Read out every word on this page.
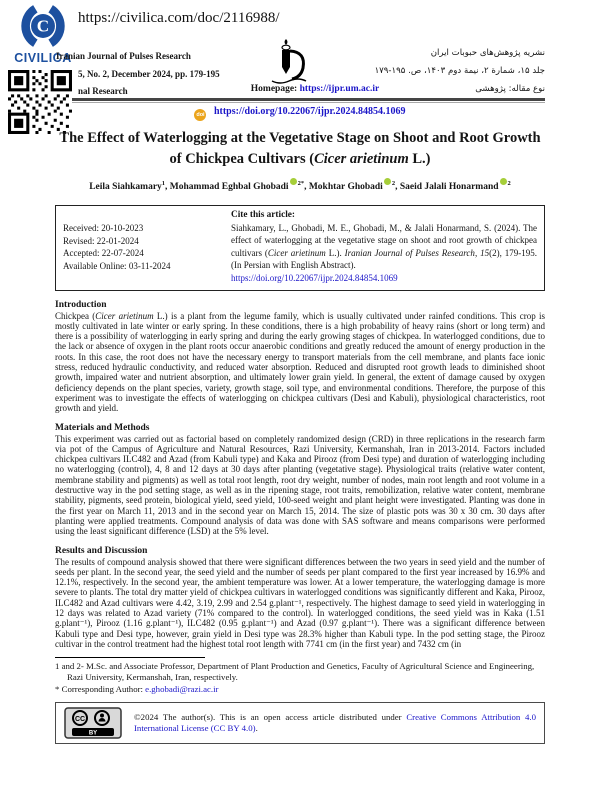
C
CIVILICA
https://civilica.com/doc/2116988/
Iranian Journal of Pulses Research
5, No. 2, December 2024, pp. 179-195
nal Research	Homepage: https://ijpr.um.ac.ir
نشریه پژوهش‌های حبوبات ایران
جلد ۱۵، شمارة ۲، نیمة دوم ۱۴۰۳، ص. ۱۹۵-۱۷۹
نوع مقاله: پژوهشی
doi https://doi.org/10.22067/ijpr.2024.84854.1069
The Effect of Waterlogging at the Vegetative Stage on Shoot and Root Growth of Chickpea Cultivars (Cicer arietinum L.)
Leila Siahkamary$^1$, Mohammad Eghbal Ghobadi $^{2*}$, Mokhtar Ghobadi $^2$, Saeid Jalali Honarmand $^2$
Received: 20-10-2023
Revised: 22-01-2024
Accepted: 22-07-2024
Available Online: 03-11-2024
Cite this article:

Siahkamary, L., Ghobadi, M. E., Ghobadi, M., & Jalali Honarmand, S. (2024). The effect of waterlogging at the vegetative stage on shoot and root growth of chickpea cultivars (Cicer arietinum L.). Iranian Journal of Pulses Research, 15(2), 179-195. (In Persian with English Abstract).

https://doi.org/10.22067/ijpr.2024.84854.1069
Introduction

Chickpea (Cicer arietinum L.) is a plant from the legume family, which is usually cultivated under rainfed conditions. This crop is mostly cultivated in late winter or early spring. In these conditions, there is a high probability of heavy rains (short or long term) and there is a possibility of waterlogging in early spring and during the early growing stages of chickpea. In waterlogged conditions, due to the lack or absence of oxygen in the plant roots occur anaerobic conditions and greatly reduced the amount of energy production in the roots. In this case, the root does not have the necessary energy to transport materials from the cell membrane, and plants face ionic stress, reduced hydraulic conductivity, and reduced water absorption. Reduced and disrupted root growth leads to diminished shoot growth, impaired water and nutrient absorption, and ultimately lower grain yield. In general, the extent of damage caused by oxygen deficiency depends on the plant species, variety, growth stage, soil type, and environmental conditions. Therefore, the purpose of this experiment was to investigate the effects of waterlogging on chickpea cultivars (Desi and Kabuli), physiological characteristics, root growth and yield.

Materials and Methods

This experiment was carried out as factorial based on completely randomized design (CRD) in three replications in the research farm via pot of the Campus of Agriculture and Natural Resources, Razi University, Kermanshah, Iran in 2013-2014. Factors included chickpea cultivars ILC482 and Azad (from Kabuli type) and Kaka and Pirooz (from Desi type) and duration of waterlogging including no waterlogging (control), 4, 8 and 12 days at 30 days after planting (vegetative stage). Physiological traits (relative water content, membrane stability and pigments) as well as total root length, root dry weight, number of nodes, main root length and root volume in a destructive way in the pod setting stage, as well as in the ripening stage, root traits, remobilization, relative water content, membrane stability, pigments, seed protein, biological yield, seed yield, 100-seed weight and plant height were investigated. Planting was done in the first year on March 11, 2013 and in the second year on March 15, 2014. The size of plastic pots was 30 x 30 cm. 30 days after planting were applied treatments. Compound analysis of data was done with SAS software and means comparisons were performed using the least significant difference (LSD) at the 5% level.

Results and Discussion

The results of compound analysis showed that there were significant differences between the two years in seed yield and the number of seeds per plant. In the second year, the seed yield and the number of seeds per plant compared to the first year increased by 16.9% and 12.1%, respectively. In the second year, the ambient temperature was lower. At a lower temperature, the waterlogging damage is more severe to plants. The total dry matter yield of chickpea cultivars in waterlogged conditions was significantly different and Kaka, Pirooz, ILC482 and Azad cultivars were 4.42, 3.19, 2.99 and 2.54 g.plant⁻¹, respectively. The highest damage to seed yield in waterlogging in 12 days was related to Azad variety (71% compared to the control). In waterlogged conditions, the seed yield was in Kaka (1.51 g.plant⁻¹), Pirooz (1.16 g.plant⁻¹), ILC482 (0.95 g.plant⁻¹) and Azad (0.97 g.plant⁻¹). There was a significant difference between Kabuli type and Desi type, however, grain yield in Desi type was 28.3% higher than Kabuli type. In the pod setting stage, the Pirooz cultivar in the control treatment had the highest total root length with 7741 cm (in the first year) and 7432 cm (in

1 and 2- M.Sc. and Associate Professor, Department of Plant Production and Genetics, Faculty of Agricultural Science and Engineering, Razi University, Kermanshah, Iran, respectively.
* Corresponding Author: e.ghobadi@razi.ac.ir

CC
BY
©2024 The author(s). This is an open access article distributed under Creative Commons Attribution 4.0 International License (CC BY 4.0).
